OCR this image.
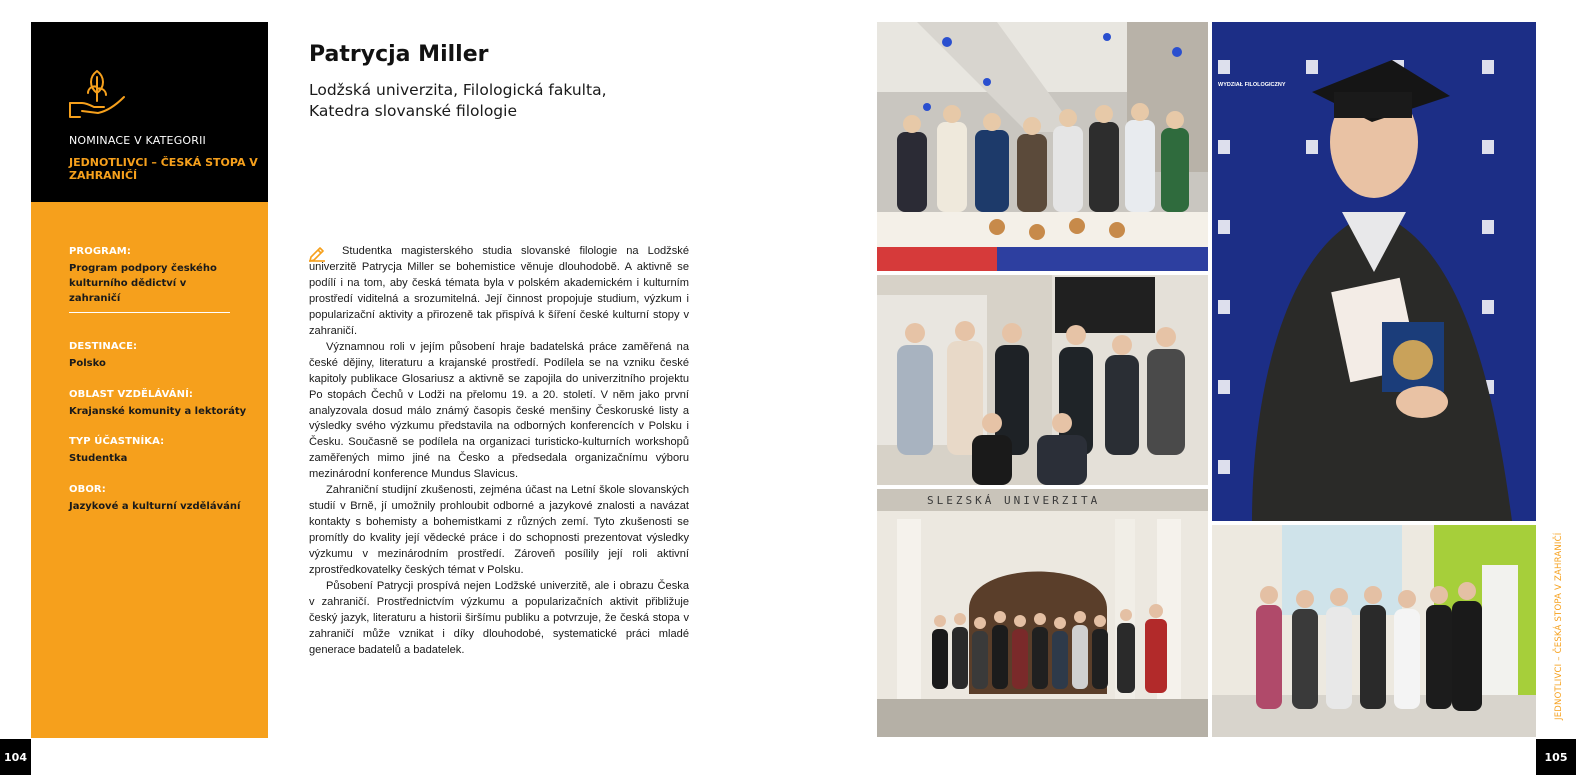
NOMINACE V KATEGORII
JEDNOTLIVCI – ČESKÁ STOPA V ZAHRANIČÍ
PROGRAM:
Program podpory českého kulturního dědictví v zahraničí
DESTINACE:
Polsko
OBLAST VZDĚLÁVÁNÍ:
Krajanské komunity a lektoráty
TYP ÚČASTNÍKA:
Studentka
OBOR:
Jazykové a kulturní vzdělávání
Patrycja Miller
Lodžská univerzita, Filologická fakulta,
Katedra slovanské filologie

Studentka magisterského studia slovanské filologie na Lodžské univerzitě Patrycja Miller se bohemistice věnuje dlouhodobě. A aktivně se podílí i na tom, aby česká témata byla v polském akademickém i kulturním prostředí viditelná a srozumitelná. Její činnost propojuje studium, výzkum i popularizační aktivity a přirozeně tak přispívá k šíření české kulturní stopy v zahraničí.

Významnou roli v jejím působení hraje badatelská práce zaměřená na české dějiny, literaturu a krajanské prostředí. Podílela se na vzniku české kapitoly publikace Glosariusz a aktivně se zapojila do univerzitního projektu Po stopách Čechů v Lodži na přelomu 19. a 20. století. V něm jako první analyzovala dosud málo známý časopis české menšiny Českoruské listy a výsledky svého výzkumu představila na odborných konferencích v Polsku i Česku. Současně se podílela na organizaci turisticko-kulturních workshopů zaměřených mimo jiné na Česko a předsedala organizačnímu výboru mezinárodní konference Mundus Slavicus.

Zahraniční studijní zkušenosti, zejména účast na Letní škole slovanských studií v Brně, jí umožnily prohloubit odborné a jazykové znalosti a navázat kontakty s bohemisty a bohemistkami z různých zemí. Tyto zkušenosti se promítly do kvality její vědecké práce i do schopnosti prezentovat výsledky výzkumu v mezinárodním prostředí. Zároveň posílily její roli aktivní zprostředkovatelky českých témat v Polsku.

Působení Patrycji prospívá nejen Lodžské univerzitě, ale i obrazu Česka v zahraničí. Prostřednictvím výzkumu a popularizačních aktivit přibližuje český jazyk, literaturu a historii širšímu publiku a potvrzuje, že česká stopa v zahraničí může vznikat i díky dlouhodobé, systematické práci mladé generace badatelů a badatelek.

WYDZIAŁ FILOLOGICZNY
SLEZSKÁ UNIVERZITA
104	105
JEDNOTLIVCI – ČESKÁ STOPA V ZAHRANIČÍ
